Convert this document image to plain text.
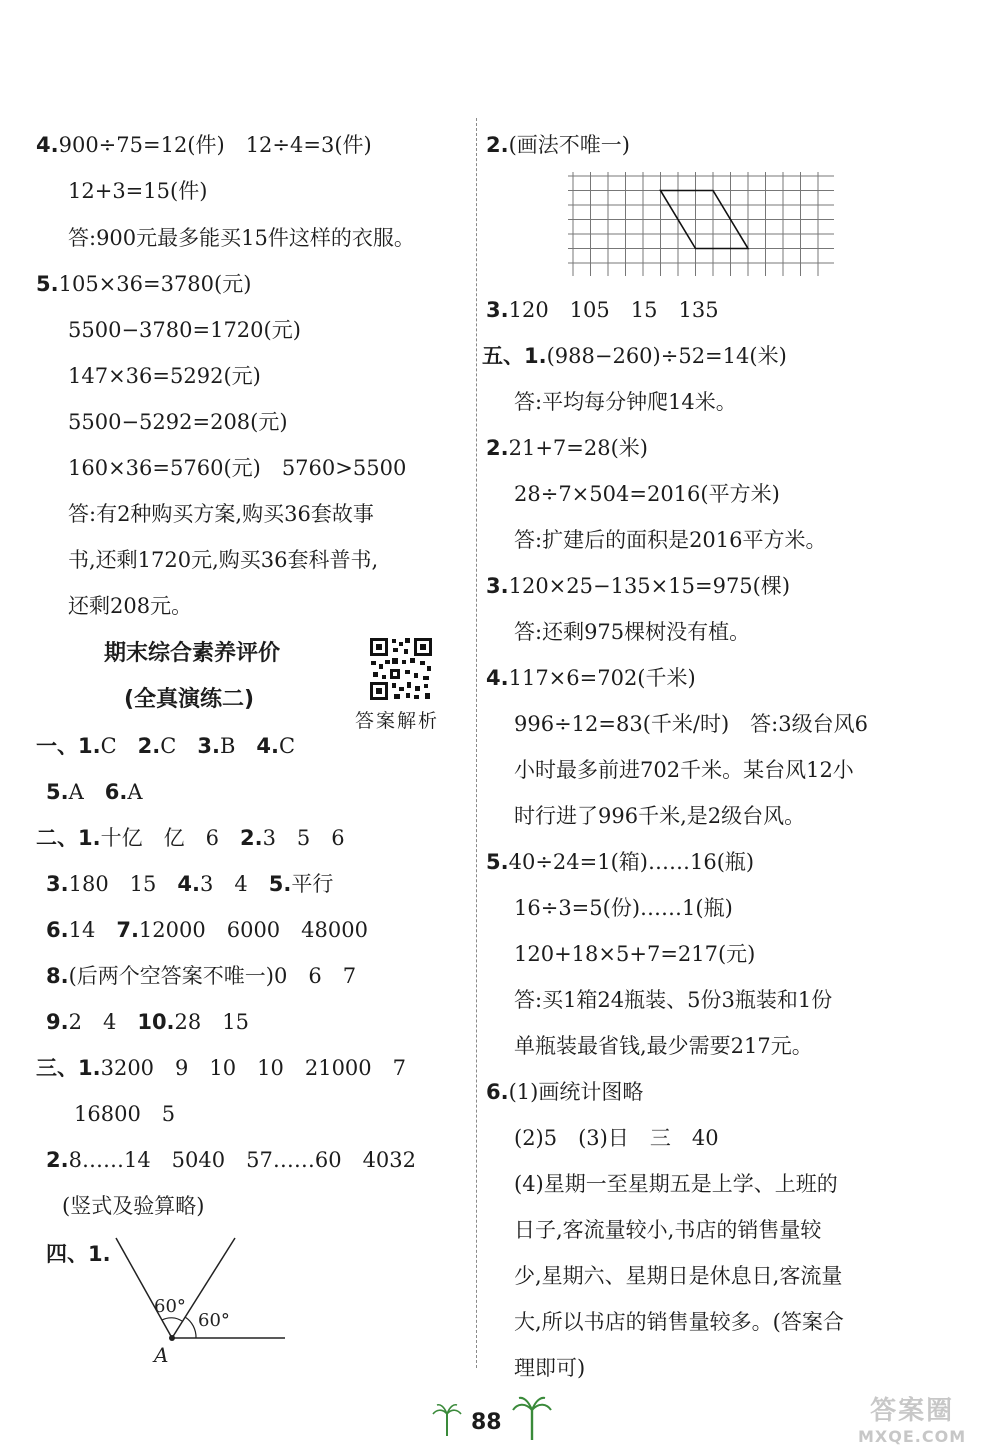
4.900÷75=12(件)　12÷4=3(件)
12+3=15(件)
答:900元最多能买15件这样的衣服。
5.105×36=3780(元)
5500−3780=1720(元)
147×36=5292(元)
5500−5292=208(元)
160×36=5760(元)　5760>5500
答:有2种购买方案,购买36套故事
书,还剩1720元,购买36套科普书,
还剩208元。
期末综合素养评价
(全真演练二)
答案解析
一、1.C　2.C　3.B　4.C
5.A　6.A
二、1.十亿　亿　6　2.3　5　6
3.180　15　4.3　4　5.平行
6.14　7.12000　6000　48000
8.(后两个空答案不唯一)0　6　7
9.2　4　10.28　15
三、1.3200　9　10　10　21000　7
16800　5
2.8……14　5040　57……60　4032
(竖式及验算略)
四、1.
60°
60°
A
2.(画法不唯一)
3.120　105　15　135
五、1.(988−260)÷52=14(米)
答:平均每分钟爬14米。
2.21+7=28(米)
28÷7×504=2016(平方米)
答:扩建后的面积是2016平方米。
3.120×25−135×15=975(棵)
答:还剩975棵树没有植。
4.117×6=702(千米)
996÷12=83(千米/时)　答:3级台风6
小时最多前进702千米。某台风12小
时行进了996千米,是2级台风。
5.40÷24=1(箱)……16(瓶)
16÷3=5(份)……1(瓶)
120+18×5+7=217(元)
答:买1箱24瓶装、5份3瓶装和1份
单瓶装最省钱,最少需要217元。
6.(1)画统计图略
(2)5　(3)日　三　40
(4)星期一至星期五是上学、上班的
日子,客流量较小,书店的销售量较
少,星期六、星期日是休息日,客流量
大,所以书店的销售量较多。(答案合
理即可)
88	答案圈
MXQE.COM
